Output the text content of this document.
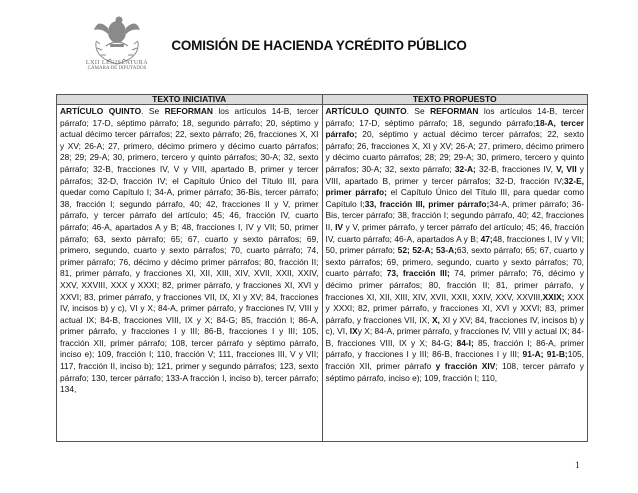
LXII LEGISLATURA
CÁMARA DE DIPUTADOS
COMISIÓN DE HACIENDA YCRÉDITO PÚBLICO
TEXTO INICIATIVA	TEXTO PROPUESTO
ARTÍCULO QUINTO. Se REFORMAN los artículos 14-B, tercer párrafo; 17-D, séptimo párrafo; 18, segundo párrafo; 20, séptimo y actual décimo tercer párrafos; 22, sexto párrafo; 26, fracciones X, XI y XV; 26-A; 27, primero, décimo primero y décimo cuarto párrafos; 28; 29; 29-A; 30, primero, tercero y quinto párrafos; 30-A; 32, sexto párrafo; 32-B, fracciones IV, V y VIII, apartado B, primer y tercer párrafos; 32-D, fracción IV; el Capítulo Único del Título III, para quedar como Capítulo I; 34-A, primer párrafo; 36-Bis, tercer párrafo; 38, fracción I; segundo párrafo, 40; 42, fracciones II y V, primer párrafo, y tercer párrafo del artículo; 45; 46, fracción IV, cuarto párrafo; 46-A, apartados A y B; 48, fracciones I, IV y VII; 50, primer párrafo; 63, sexto párrafo; 65; 67, cuarto y sexto párrafos; 69, primero, segundo, cuarto y sexto párrafos; 70, cuarto párrafo; 74, primer párrafo; 76, décimo y décimo primer párrafos; 80, fracción II; 81, primer párrafo, y fracciones XI, XII, XIII, XIV, XVII, XXII, XXIV, XXV, XXVIII, XXX y XXXI; 82, primer párrafo, y fracciones XI, XVI y XXVI; 83, primer párrafo, y fracciones VII, IX, XI y XV; 84, fracciones IV, incisos b) y c), VI y X; 84-A, primer párrafo, y fracciones IV, VIII y actual IX; 84-B, fracciones VIII, IX y X; 84-G; 85, fracción I; 86-A, primer párrafo, y fracciones I y III; 86-B, fracciones I y III; 105, fracción XII, primer párrafo; 108, tercer párrafo y séptimo párrafo, inciso e); 109, fracción I; 110, fracción V; 111, fracciones III, V y VII; 117, fracción II, inciso b); 121, primer y segundo párrafos; 123, sexto párrafo; 130, tercer párrafo; 133-A fracción I, inciso b), tercer párrafo; 134,
ARTÍCULO QUINTO. Se REFORMAN los artículos 14-B, tercer párrafo; 17-D, séptimo párrafo; 18, segundo párrafo;18-A, tercer párrafo; 20, séptimo y actual décimo tercer párrafos; 22, sexto párrafo; 26, fracciones X, XI y XV; 26-A; 27, primero, décimo primero y décimo cuarto párrafos; 28; 29; 29-A; 30, primero, tercero y quinto párrafos; 30-A; 32, sexto párrafo; 32-A; 32-B, fracciones IV, V, VII y VIII, apartado B, primer y tercer párrafos; 32-D, fracción IV;32-E, primer párrafo; el Capítulo Único del Título III, para quedar como Capítulo I;33, fracción III, primer párrafo;34-A, primer párrafo; 36-Bis, tercer párrafo; 38, fracción I; segundo párrafo, 40; 42, fracciones II, IV y V, primer párrafo, y tercer párrafo del artículo; 45; 46, fracción IV, cuarto párrafo; 46-A, apartados A y B; 47;48, fracciones I, IV y VII; 50, primer párrafo; 52; 52-A; 53-A;63, sexto párrafo; 65; 67, cuarto y sexto párrafos; 69, primero, segundo, cuarto y sexto párrafos; 70, cuarto párrafo; 73, fracción III; 74, primer párrafo; 76, décimo y décimo primer párrafos; 80, fracción II; 81, primer párrafo, y fracciones XI, XII, XIII, XIV, XVII, XXII, XXIV, XXV, XXVIII,XXIX; XXX y XXXI; 82, primer párrafo, y fracciones XI, XVI y XXVI; 83, primer párrafo, y fracciones VII, IX, X, XI y XV; 84, fracciones IV, incisos b) y c), VI, IXy X; 84-A, primer párrafo, y fracciones IV, VIII y actual IX; 84-B, fracciones VIII, IX y X; 84-G; 84-I; 85, fracción I; 86-A, primer párrafo, y fracciones I y III; 86-B, fracciones I y III; 91-A; 91-B;105, fracción XII, primer párrafo y fracción XIV; 108, tercer párrafo y séptimo párrafo, inciso e); 109, fracción I; 110,
1
